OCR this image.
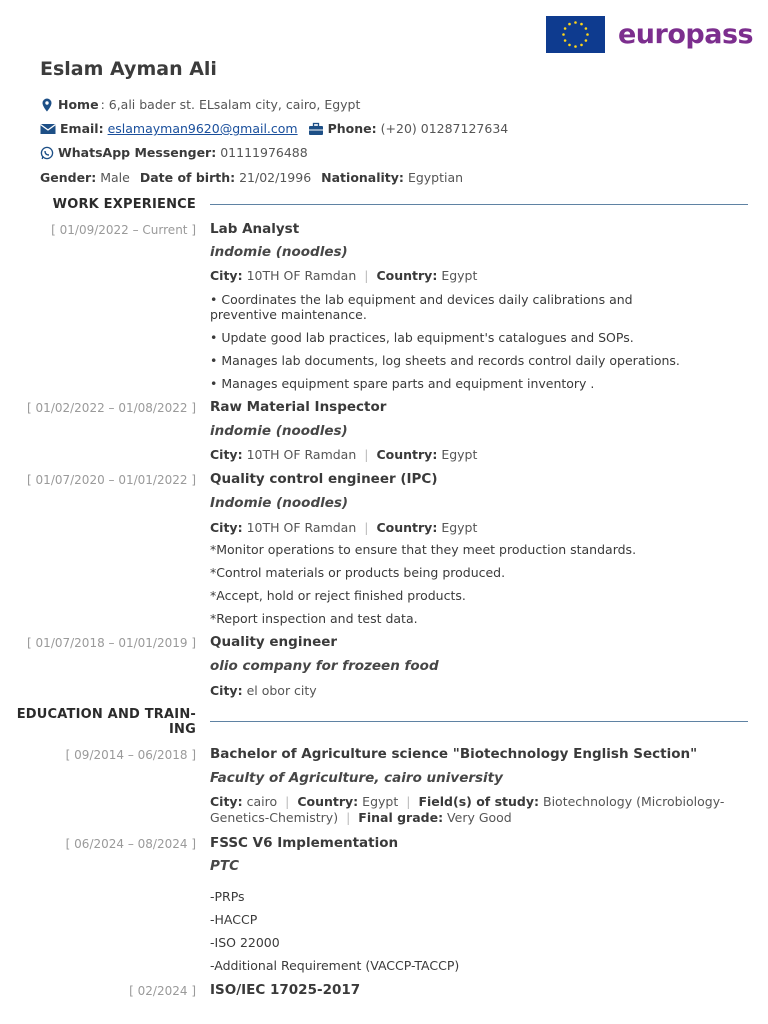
europass
Eslam Ayman Ali
Home : 6,ali bader st. ELsalam city, cairo, Egypt
Email: eslamayman9620@gmail.com Phone: (+20) 01287127634
WhatsApp Messenger: 01111976488
Gender: Male Date of birth: 21/02/1996 Nationality: Egyptian
WORK EXPERIENCE
[ 01/09/2022 – Current ] Lab Analyst
indomie (noodles)
City: 10TH OF Ramdan | Country: Egypt
• Coordinates the lab equipment and devices daily calibrations and preventive maintenance.
• Update good lab practices, lab equipment's catalogues and SOPs.
• Manages lab documents, log sheets and records control daily operations.
• Manages equipment spare parts and equipment inventory .
[ 01/02/2022 – 01/08/2022 ] Raw Material Inspector
indomie (noodles)
City: 10TH OF Ramdan | Country: Egypt
[ 01/07/2020 – 01/01/2022 ] Quality control engineer (IPC)
Indomie (noodles)
City: 10TH OF Ramdan | Country: Egypt
*Monitor operations to ensure that they meet production standards.
*Control materials or products being produced.
*Accept, hold or reject finished products.
*Report inspection and test data.
[ 01/07/2018 – 01/01/2019 ] Quality engineer
olio company for frozeen food
City: el obor city
EDUCATION AND TRAIN-
ING
[ 09/2014 – 06/2018 ] Bachelor of Agriculture science "Biotechnology English Section"
Faculty of Agriculture, cairo university
City: cairo | Country: Egypt | Field(s) of study: Biotechnology (Microbiology-Genetics-Chemistry) | Final grade: Very Good
[ 06/2024 – 08/2024 ] FSSC V6 Implementation
PTC
-PRPs
-HACCP
-ISO 22000
-Additional Requirement (VACCP-TACCP)
[ 02/2024 ] ISO/IEC 17025-2017
